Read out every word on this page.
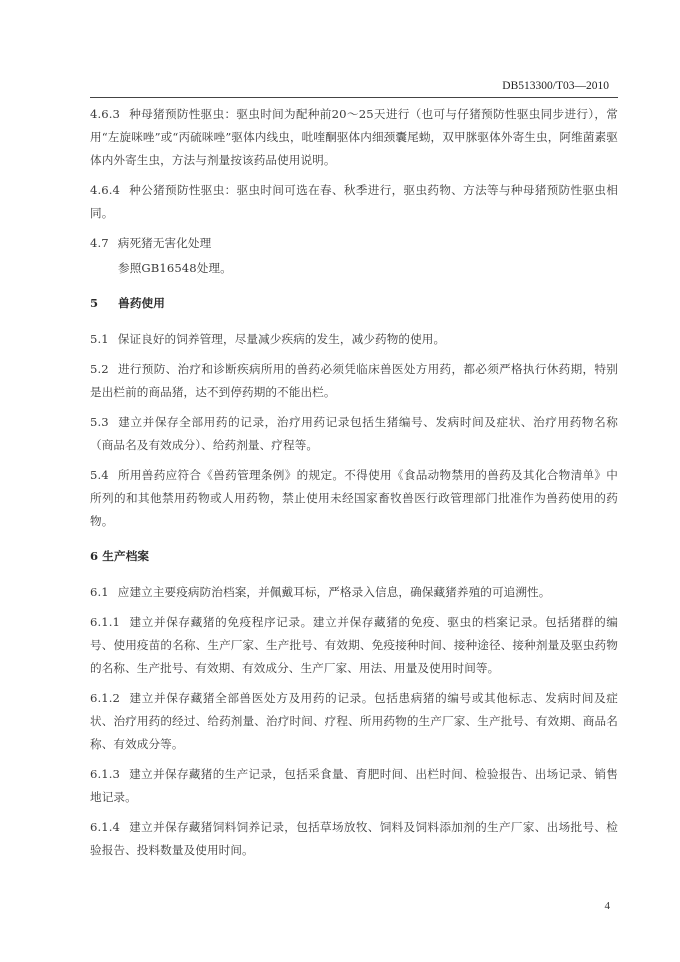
DB513300/T03—2010

4.6.3 种母猪预防性驱虫：驱虫时间为配种前20～25天进行（也可与仔猪预防性驱虫同步进行），常用“左旋咪唑”或“丙硫咪唑”驱体内线虫，吡喹酮驱体内细颈囊尾蚴，双甲脒驱体外寄生虫，阿维菌素驱体内外寄生虫，方法与剂量按该药品使用说明。

4.6.4 种公猪预防性驱虫：驱虫时间可选在春、秋季进行，驱虫药物、方法等与种母猪预防性驱虫相同。

4.7 病死猪无害化处理

参照GB16548处理。

5 兽药使用

5.1 保证良好的饲养管理，尽量减少疾病的发生，减少药物的使用。

5.2 进行预防、治疗和诊断疾病所用的兽药必须凭临床兽医处方用药，都必须严格执行休药期，特别是出栏前的商品猪，达不到停药期的不能出栏。

5.3 建立并保存全部用药的记录，治疗用药记录包括生猪编号、发病时间及症状、治疗用药物名称（商品名及有效成分）、给药剂量、疗程等。

5.4 所用兽药应符合《兽药管理条例》的规定。不得使用《食品动物禁用的兽药及其化合物清单》中所列的和其他禁用药物或人用药物，禁止使用未经国家畜牧兽医行政管理部门批准作为兽药使用的药物。

6 生产档案

6.1 应建立主要疫病防治档案，并佩戴耳标，严格录入信息，确保藏猪养殖的可追溯性。

6.1.1 建立并保存藏猪的免疫程序记录。建立并保存藏猪的免疫、驱虫的档案记录。包括猪群的编号、使用疫苗的名称、生产厂家、生产批号、有效期、免疫接种时间、接种途径、接种剂量及驱虫药物的名称、生产批号、有效期、有效成分、生产厂家、用法、用量及使用时间等。

6.1.2 建立并保存藏猪全部兽医处方及用药的记录。包括患病猪的编号或其他标志、发病时间及症状、治疗用药的经过、给药剂量、治疗时间、疗程、所用药物的生产厂家、生产批号、有效期、商品名称、有效成分等。

6.1.3 建立并保存藏猪的生产记录，包括采食量、育肥时间、出栏时间、检验报告、出场记录、销售地记录。

6.1.4 建立并保存藏猪饲料饲养记录，包括草场放牧、饲料及饲料添加剂的生产厂家、出场批号、检验报告、投料数量及使用时间。

4
